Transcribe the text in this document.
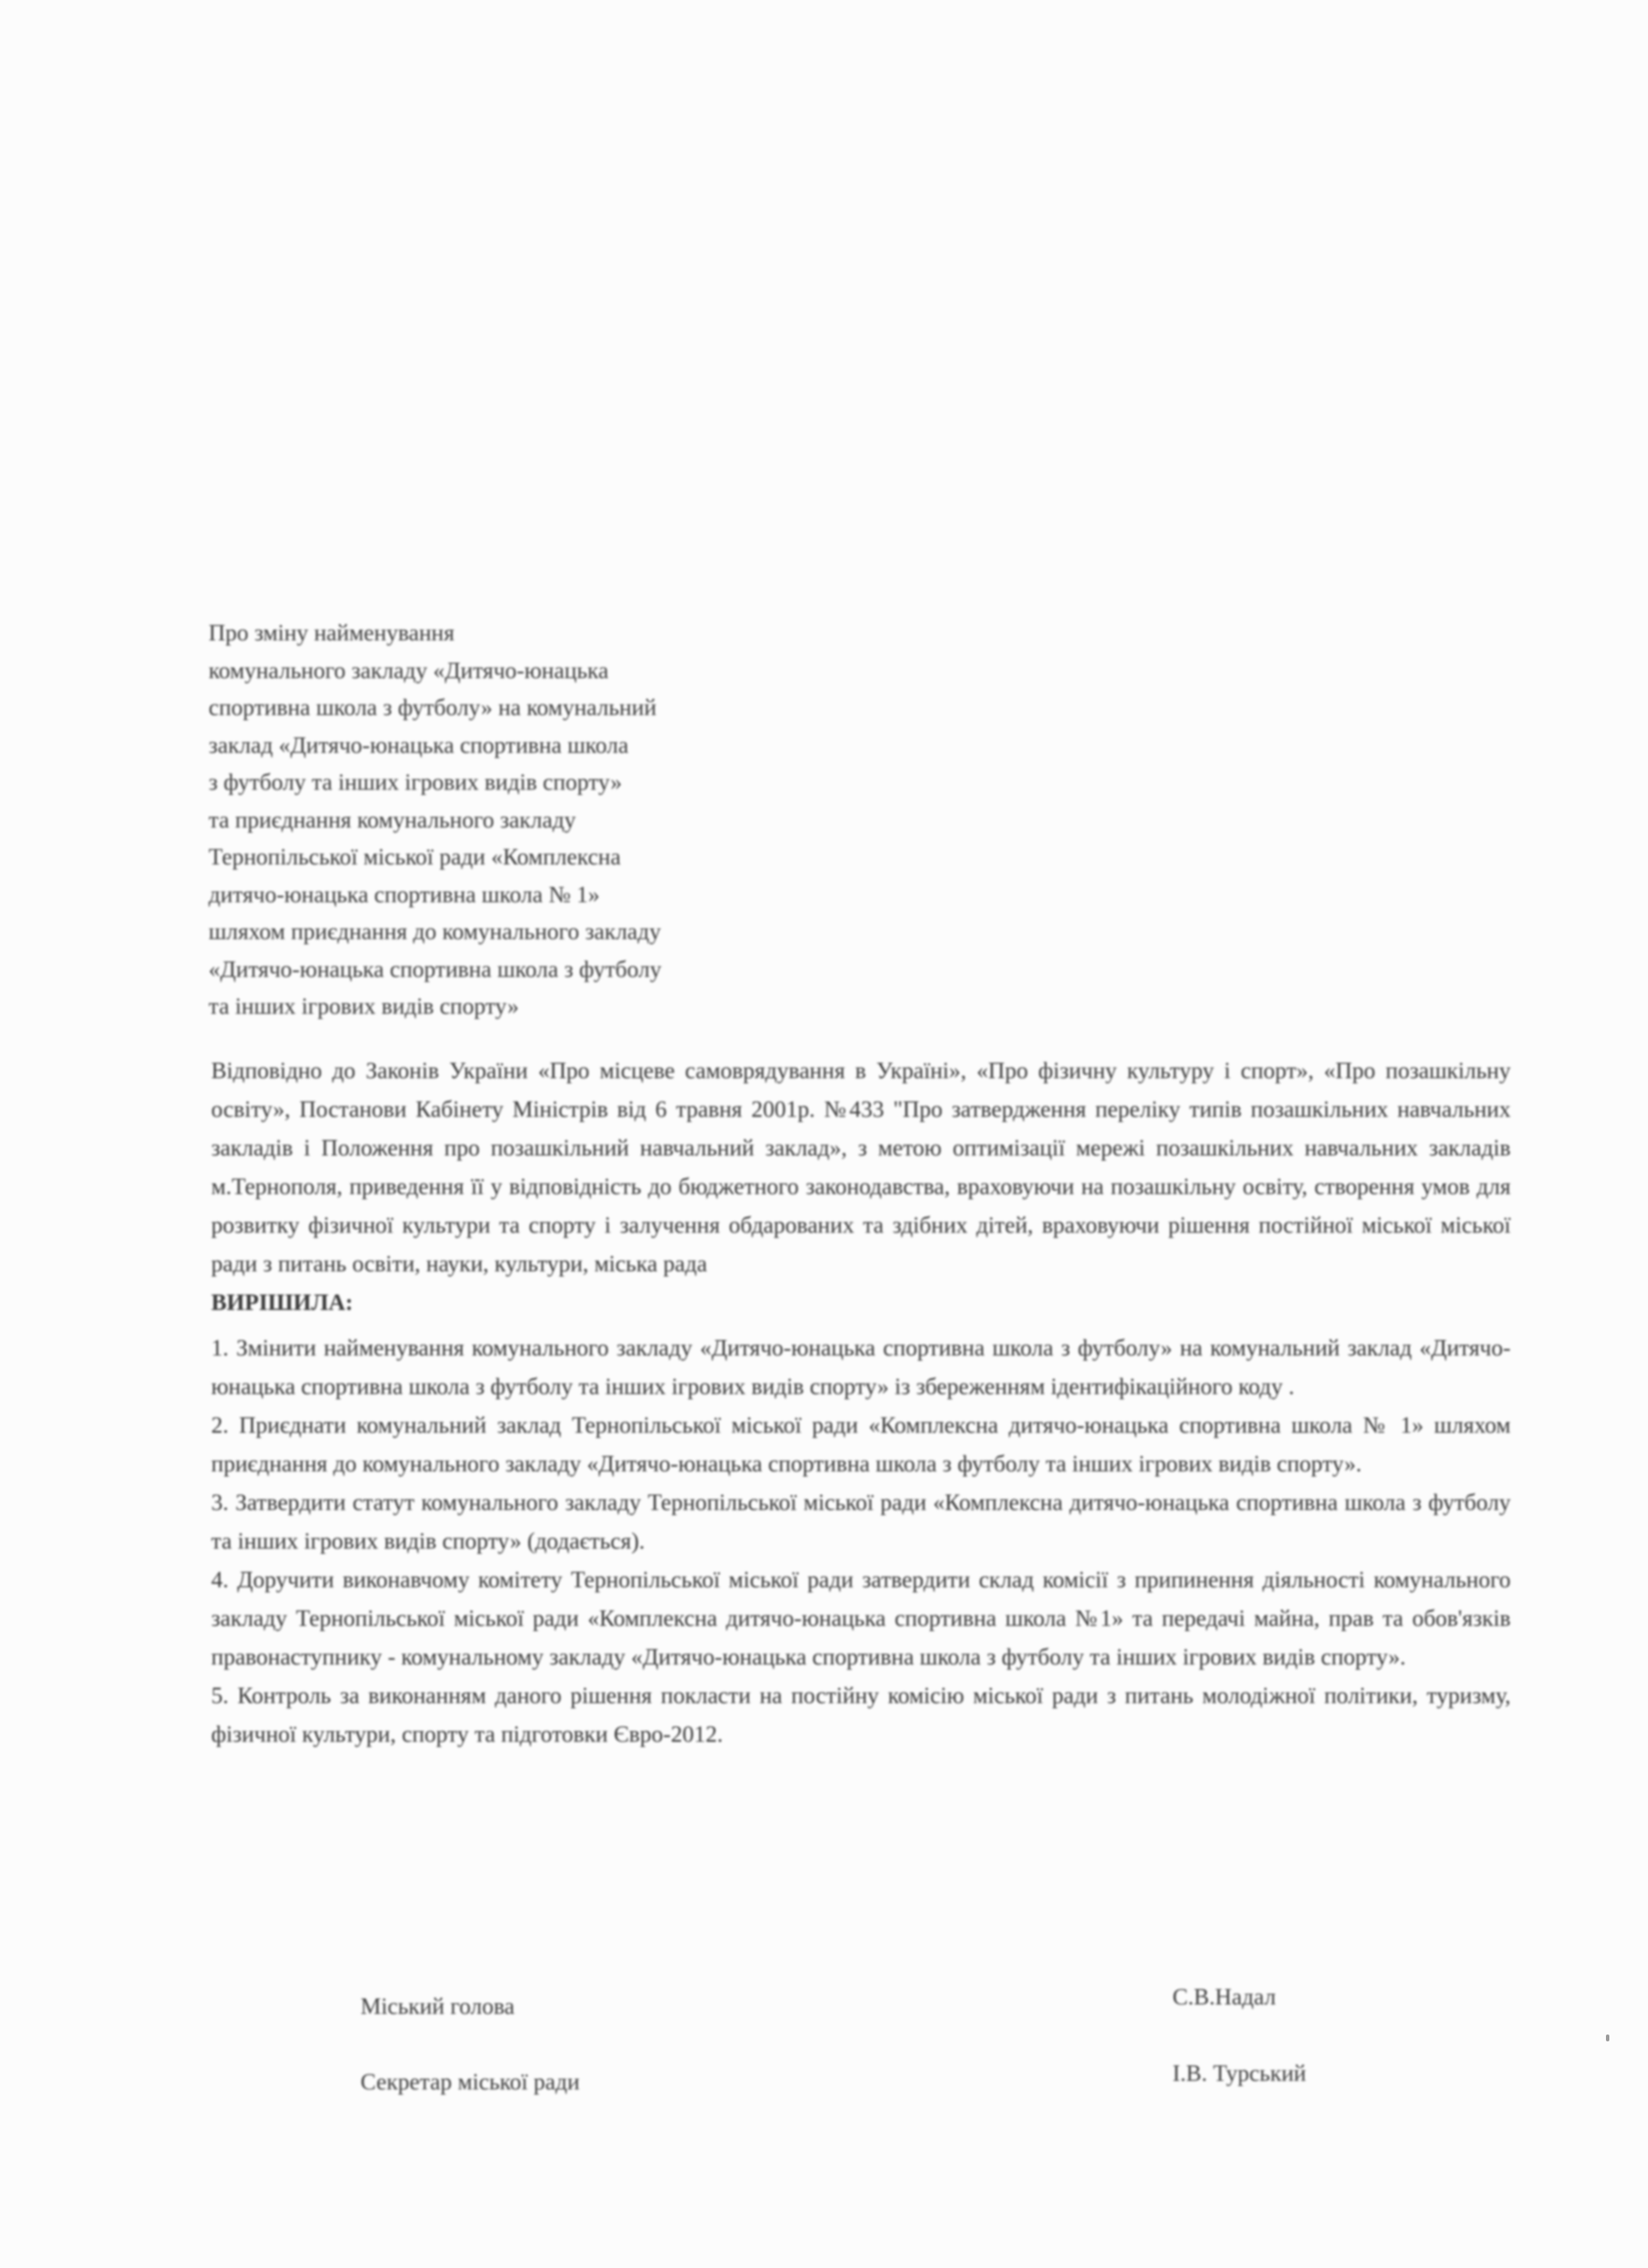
Про зміну найменування
комунального закладу «Дитячо-юнацька
спортивна школа з футболу» на комунальний
заклад «Дитячо-юнацька спортивна школа
з футболу та інших ігрових видів спорту»
та приєднання комунального закладу
Тернопільської міської ради «Комплексна
дитячо-юнацька спортивна школа № 1»
шляхом приєднання до комунального закладу
«Дитячо-юнацька спортивна школа з футболу
та інших ігрових видів спорту»

Відповідно до Законів України «Про місцеве самоврядування в Україні», «Про фізичну культуру і спорт», «Про позашкільну освіту», Постанови Кабінету Міністрів від 6 травня 2001р. №433 "Про затвердження переліку типів позашкільних навчальних закладів і Положення про позашкільний навчальний заклад», з метою оптимізації мережі позашкільних навчальних закладів м.Тернополя, приведення її у відповідність до бюджетного законодавства, враховуючи на позашкільну освіту, створення умов для розвитку фізичної культури та спорту і залучення обдарованих та здібних дітей, враховуючи рішення постійної міської міської ради з питань освіти, науки, культури, міська рада

ВИРІШИЛА:

1. Змінити найменування комунального закладу «Дитячо-юнацька спортивна школа з футболу» на комунальний заклад «Дитячо-юнацька спортивна школа з футболу та інших ігрових видів спорту» із збереженням ідентифікаційного коду .

2. Приєднати комунальний заклад Тернопільської міської ради «Комплексна дитячо-юнацька спортивна школа № 1» шляхом приєднання до комунального закладу «Дитячо-юнацька спортивна школа з футболу та інших ігрових видів спорту».

3. Затвердити статут комунального закладу Тернопільської міської ради «Комплексна дитячо-юнацька спортивна школа з футболу та інших ігрових видів спорту» (додається).

4. Доручити виконавчому комітету Тернопільської міської ради затвердити склад комісії з припинення діяльності комунального закладу Тернопільської міської ради «Комплексна дитячо-юнацька спортивна школа №1» та передачі майна, прав та обов'язків правонаступнику - комунальному закладу «Дитячо-юнацька спортивна школа з футболу та інших ігрових видів спорту».

5. Контроль за виконанням даного рішення покласти на постійну комісію міської ради з питань молодіжної політики, туризму, фізичної культури, спорту та підготовки Євро-2012.

Міський голова	С.В.Надал
Секретар міської ради	І.В. Турський
